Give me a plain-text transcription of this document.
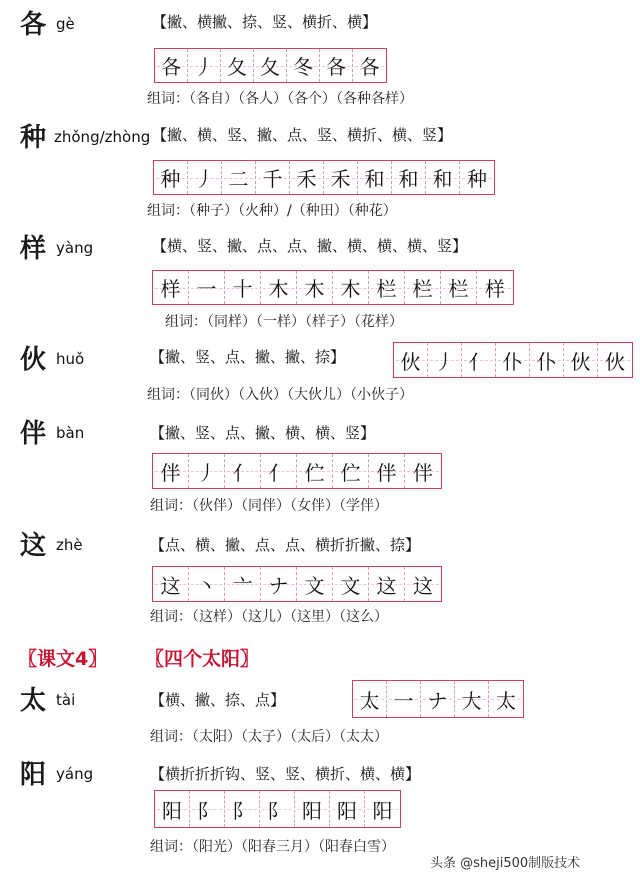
各 gè	【撇、横撇、捺、竖、横折、横】
各 丿 夂 夂 冬 各 各
组词：（各自）（各人）（各个）（各种各样）
种 zhǒng/zhòng 【撇、横、竖、撇、点、竖、横折、横、竖】
种 丿 二 千 禾 禾 和 和 和 种
组词：（种子）（火种）/（种田）（种花）
样 yàng	【横、竖、撇、点、点、撇、横、横、横、竖】
样 一 十 木 木 木 栏 栏 栏 样
组词：（同样）（一样）（样子）（花样）
伙 huǒ	【撇、竖、点、撇、撇、捺】	伙 丿 亻 仆 仆 伙 伙
组词：（同伙）（入伙）（大伙儿）（小伙子）
伴 bàn	【撇、竖、点、撇、横、横、竖】
伴 丿 亻 亻 伫 伫 伴 伴
组词：（伙伴）（同伴）（女伴）（学伴）
这 zhè	【点、横、撇、点、点、横折折撇、捺】
这 丶 亠 ナ 文 文 这 这
组词：（这样）（这儿）（这里）（这么）
〖课文4〗 〖四个太阳〗
太 tài	【横、撇、捺、点】	太 一 ナ 大 太
组词：（太阳）（太子）（太后）（太太）
阳 yáng	【横折折折钩、竖、竖、横折、横、横】
阳 阝 阝 阝 阳 阳 阳
组词：（阳光）（阳春三月）（阳春白雪）
头条 @sheji500制版技术
